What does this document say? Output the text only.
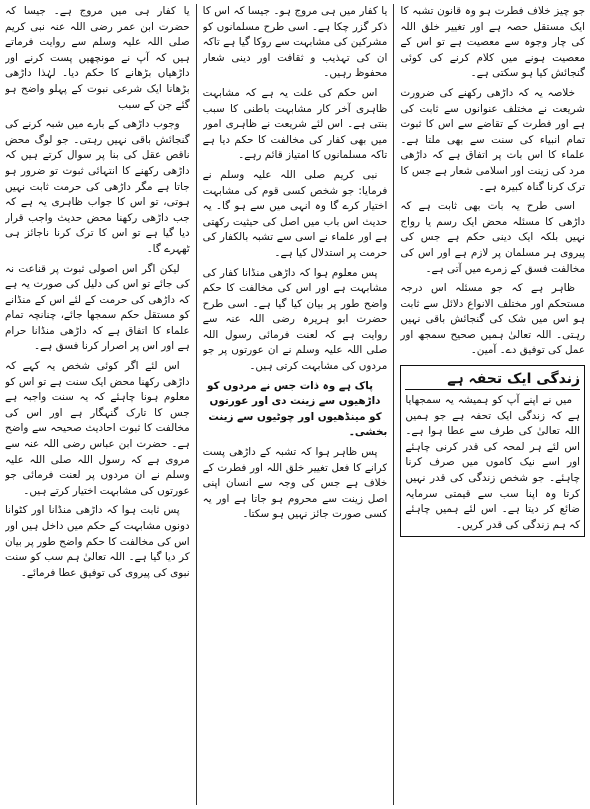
یا کفار ہی میں مروج ہے۔ جیسا کہ حضرت ابن عمر رضی اللہ عنہ نبی کریم صلی اللہ علیہ وسلم سے روایت فرماتے ہیں کہ آپ نے مونچھیں پست کرنے اور داڑھیاں بڑھانے کا حکم دیا۔ لہٰذا داڑھی بڑھانا ایک شرعی نبوت کے پہلو واضح ہو گئے جن کے سبب

وجوب داڑھی کے بارے میں شبہ کرنے کی گنجائش باقی نہیں رہتی۔ جو لوگ محض ناقص عقل کی بنا پر سوال کرتے ہیں کہ داڑھی رکھنے کا انتہائی ثبوت تو ضرور ہو جاتا ہے مگر داڑھی کی حرمت ثابت نہیں ہوتی، تو اس کا جواب ظاہری یہ ہے کہ جب داڑھی رکھنا محض حدیث واجب قرار دیا گیا ہے تو اس کا ترک کرنا ناجائز ہی ٹھہرے گا۔

لیکن اگر اس اصولی ثبوت پر قناعت نہ کی جائے تو اس کی دلیل کی صورت یہ ہے کہ داڑھی کی حرمت کے لئے اس کے منڈانے کو مستقل حکم سمجھا جائے، چنانچہ تمام علماء کا اتفاق ہے کہ داڑھی منڈانا حرام ہے اور اس پر اصرار کرنا فسق ہے۔

اس لئے اگر کوئی شخص یہ کہے کہ داڑھی رکھنا محض ایک سنت ہے تو اس کو معلوم ہونا چاہئے کہ یہ سنت واجبہ ہے جس کا تارک گنہگار ہے اور اس کی مخالفت کا ثبوت احادیث صحیحہ سے واضح ہے۔ حضرت ابن عباس رضی اللہ عنہ سے مروی ہے کہ رسول اللہ صلی اللہ علیہ وسلم نے ان مردوں پر لعنت فرمائی جو عورتوں کی مشابہت اختیار کرتے ہیں۔

پس ثابت ہوا کہ داڑھی منڈانا اور کٹوانا دونوں مشابہت کے حکم میں داخل ہیں اور اس کی مخالفت کا حکم واضح طور پر بیان کر دیا گیا ہے۔ اللہ تعالیٰ ہم سب کو سنت نبوی کی پیروی کی توفیق عطا فرمائے۔

یا کفار میں ہی مروج ہو۔ جیسا کہ اس کا ذکر گزر چکا ہے۔ اسی طرح مسلمانوں کو مشرکین کی مشابہت سے روکا گیا ہے تاکہ ان کی تہذیب و ثقافت اور دینی شعار محفوظ رہیں۔

اس حکم کی علت یہ ہے کہ مشابہت ظاہری آخر کار مشابہت باطنی کا سبب بنتی ہے۔ اس لئے شریعت نے ظاہری امور میں بھی کفار کی مخالفت کا حکم دیا ہے تاکہ مسلمانوں کا امتیاز قائم رہے۔

نبی کریم صلی اللہ علیہ وسلم نے فرمایا: جو شخص کسی قوم کی مشابہت اختیار کرے گا وہ انہی میں سے ہو گا۔ یہ حدیث اس باب میں اصل کی حیثیت رکھتی ہے اور علماء نے اسی سے تشبہ بالکفار کی حرمت پر استدلال کیا ہے۔

پس معلوم ہوا کہ داڑھی منڈانا کفار کی مشابہت ہے اور اس کی مخالفت کا حکم واضح طور پر بیان کیا گیا ہے۔ اسی طرح حضرت ابو ہریرہ رضی اللہ عنہ سے روایت ہے کہ لعنت فرمائی رسول اللہ صلی اللہ علیہ وسلم نے ان عورتوں پر جو مردوں کی مشابہت کرتی ہیں۔

پاک ہے وہ ذات جس نے مردوں کو داڑھیوں سے زینت دی اور عورتوں کو مینڈھیوں اور چوٹیوں سے زینت بخشی۔

پس ظاہر ہوا کہ تشبہ کے داڑھی پست کرانے کا فعل تغییر خلق اللہ اور فطرت کے خلاف ہے جس کی وجہ سے انسان اپنی اصل زینت سے محروم ہو جاتا ہے اور یہ کسی صورت جائز نہیں ہو سکتا۔

جو چیز خلاف فطرت ہو وہ قانون تشبہ کا ایک مستقل حصہ ہے اور تغییر خلق اللہ کی چار وجوہ سے معصیت ہے تو اس کے معصیت ہونے میں کلام کرنے کی کوئی گنجائش کیا ہو سکتی ہے۔

خلاصہ یہ کہ داڑھی رکھنے کی ضرورت شریعت نے مختلف عنوانوں سے ثابت کی ہے اور فطرت کے تقاضے سے اس کا ثبوت تمام انبیاء کی سنت سے بھی ملتا ہے۔ علماء کا اس بات پر اتفاق ہے کہ داڑھی مرد کی زینت اور اسلامی شعار ہے جس کا ترک کرنا گناہ کبیرہ ہے۔

اسی طرح یہ بات بھی ثابت ہے کہ داڑھی کا مسئلہ محض ایک رسم یا رواج نہیں بلکہ ایک دینی حکم ہے جس کی پیروی ہر مسلمان پر لازم ہے اور اس کی مخالفت فسق کے زمرے میں آتی ہے۔

ظاہر ہے کہ جو مسئلہ اس درجہ مستحکم اور مختلف الانواع دلائل سے ثابت ہو اس میں شک کی گنجائش باقی نہیں رہتی۔ اللہ تعالیٰ ہمیں صحیح سمجھ اور عمل کی توفیق دے۔ آمین۔

زندگی ایک تحفہ ہے

میں نے اپنے آپ کو ہمیشہ یہ سمجھایا ہے کہ زندگی ایک تحفہ ہے جو ہمیں اللہ تعالیٰ کی طرف سے عطا ہوا ہے۔ اس لئے ہر لمحہ کی قدر کرنی چاہئے اور اسے نیک کاموں میں صرف کرنا چاہئے۔ جو شخص زندگی کی قدر نہیں کرتا وہ اپنا سب سے قیمتی سرمایہ ضائع کر دیتا ہے۔ اس لئے ہمیں چاہئے کہ ہم زندگی کی قدر کریں۔
